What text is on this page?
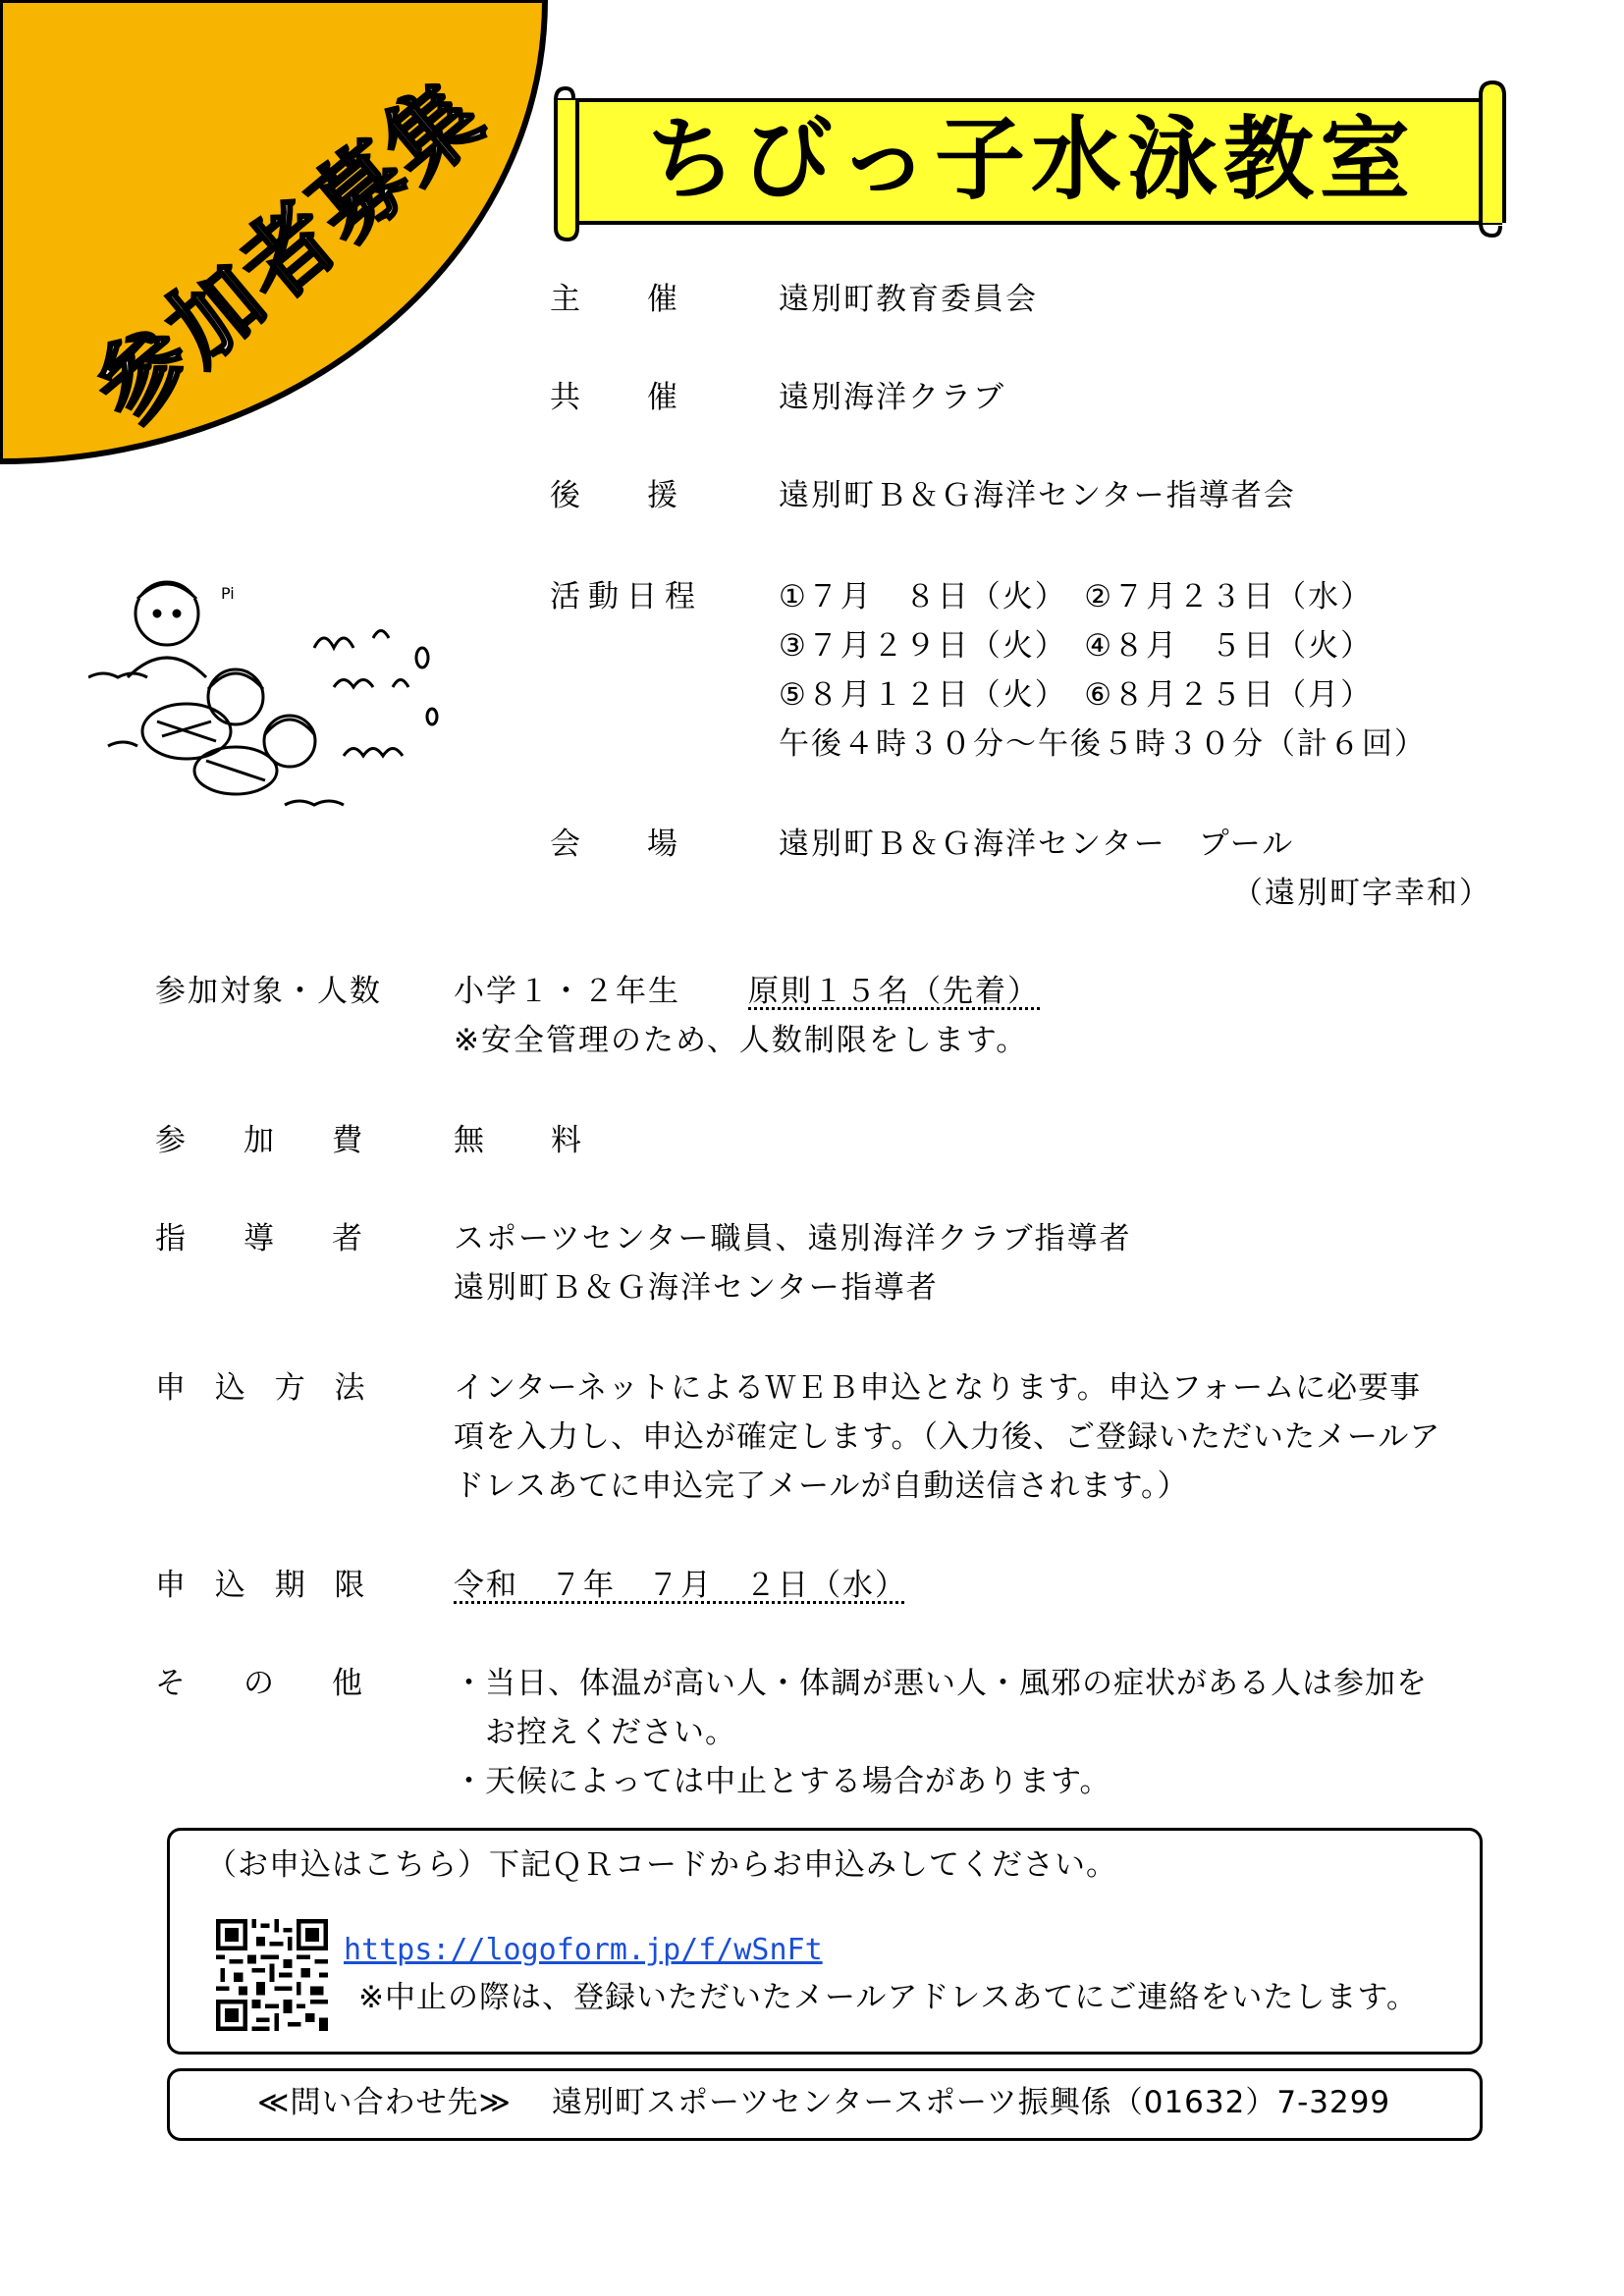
参加者募集	ちびっ子水泳教室
Pi
主　　催	遠別町教育委員会
共　　催	遠別海洋クラブ
後　　援	遠別町Ｂ＆Ｇ海洋センター指導者会
活動日程 ①７月　８日（火）　②７月２３日（水）
③７月２９日（火）　④８月　５日（火）
⑤８月１２日（火）　⑥８月２５日（月）
午後４時３０分～午後５時３０分（計６回）
会　　場	遠別町Ｂ＆Ｇ海洋センター　プール
（遠別町字幸和）
参加対象・人数 小学１・２年生 原則１５名（先着）
※安全管理のため、人数制限をします。
参　加　費	無　　料
指　導　者	スポーツセンター職員、遠別海洋クラブ指導者
遠別町Ｂ＆Ｇ海洋センター指導者
申 込 方 法	インターネットによるＷＥＢ申込となります。申込フォームに必要事
項を入力し、申込が確定します。（入力後、ご登録いただいたメールア
ドレスあてに申込完了メールが自動送信されます。）
申 込 期 限	令和　７年　７月　２日（水）
そ　の　他	・当日、体温が高い人・体調が悪い人・風邪の症状がある人は参加を
　お控えください。
・天候によっては中止とする場合があります。
（お申込はこちら）下記ＱＲコードからお申込みしてください。
https://logoform.jp/f/wSnFt
※中止の際は、登録いただいたメールアドレスあてにご連絡をいたします。
≪問い合わせ先≫ 遠別町スポーツセンタースポーツ振興係（01632）7-3299
